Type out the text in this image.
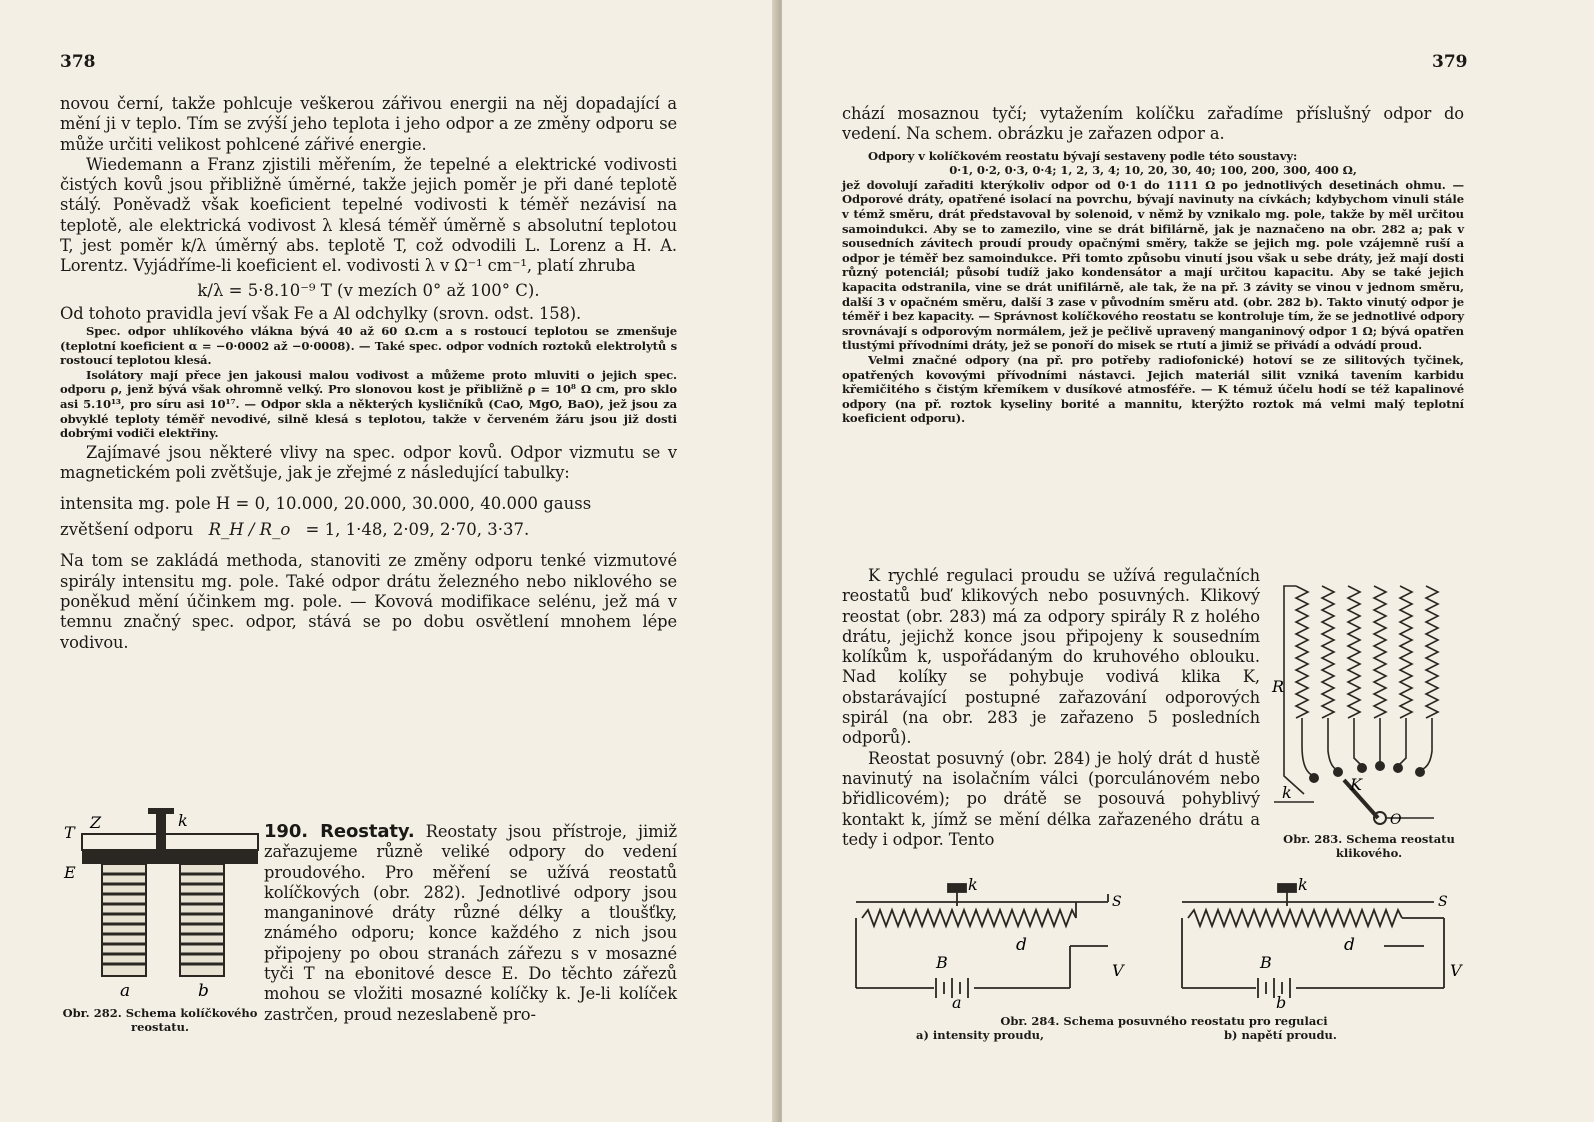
378

novou černí, takže pohlcuje veškerou zářivou energii na něj dopadající a mění ji v teplo. Tím se zvýší jeho teplota i jeho odpor a ze změny odporu se může určiti velikost pohlcené zářivé energie.

Wiedemann a Franz zjistili měřením, že tepelné a elektrické vodivosti čistých kovů jsou přibližně úměrné, takže jejich poměr je při dané teplotě stálý. Poněvadž však koeficient tepelné vodivosti k téměř nezávisí na teplotě, ale elektrická vodivost λ klesá téměř úměrně s absolutní teplotou T, jest poměr k/λ úměrný abs. teplotě T, což odvodili L. Lorenz a H. A. Lorentz. Vyjádříme-li koeficient el. vodivosti λ v Ω⁻¹ cm⁻¹, platí zhruba

k/λ = 5·8.10⁻⁹ T (v mezích 0° až 100° C).

Od tohoto pravidla jeví však Fe a Al odchylky (srovn. odst. 158).

Spec. odpor uhlíkového vlákna bývá 40 až 60 Ω.cm a s rostoucí teplotou se zmenšuje (teplotní koeficient α = −0·0002 až −0·0008). — Také spec. odpor vodních roztoků elektrolytů s rostoucí teplotou klesá.

Isolátory mají přece jen jakousi malou vodivost a můžeme proto mluviti o jejich spec. odporu ρ, jenž bývá však ohromně velký. Pro slonovou kost je přibližně ρ = 10⁸ Ω cm, pro sklo asi 5.10¹³, pro síru asi 10¹⁷. — Odpor skla a některých kysličníků (CaO, MgO, BaO), jež jsou za obvyklé teploty téměř nevodivé, silně klesá s teplotou, takže v červeném žáru jsou již dosti dobrými vodiči elektřiny.

Zajímavé jsou některé vlivy na spec. odpor kovů. Odpor vizmutu se v magnetickém poli zvětšuje, jak je zřejmé z následující tabulky:

intensita mg. pole H = 0, 10.000, 20.000, 30.000, 40.000 gauss
zvětšení odporu R_H / R_o = 1, 1·48, 2·09, 2·70, 3·37.

Na tom se zakládá methoda, stanoviti ze změny odporu tenké vizmutové spirály intensitu mg. pole. Také odpor drátu železného nebo niklového se poněkud mění účinkem mg. pole. — Kovová modifikace selénu, jež má v temnu značný spec. odpor, stává se po dobu osvětlení mnohem lépe vodivou.

T
Z	k
E
a	b
Obr. 282. Schema kolíčkového reostatu.

190. Reostaty. Reostaty jsou přístroje, jimiž zařazujeme různě veliké odpory do vedení proudového. Pro měření se užívá reostatů kolíčkových (obr. 282). Jednotlivé odpory jsou manganinové dráty různé délky a tloušťky, známého odporu; konce každého z nich jsou připojeny po obou stranách zářezu s v mosazné tyči T na ebonitové desce E. Do těchto zářezů mohou se vložiti mosazné kolíčky k. Je-li kolíček zastrčen, proud nezeslabeně pro-

379

chází mosaznou tyčí; vytažením kolíčku zařadíme příslušný odpor do vedení. Na schem. obrázku je zařazen odpor a.

Odpory v kolíčkovém reostatu bývají sestaveny podle této soustavy:

0·1, 0·2, 0·3, 0·4; 1, 2, 3, 4; 10, 20, 30, 40; 100, 200, 300, 400 Ω,

jež dovolují zařaditi kterýkoliv odpor od 0·1 do 1111 Ω po jednotlivých desetinách ohmu. — Odporové dráty, opatřené isolací na povrchu, bývají navinuty na cívkách; kdybychom vinuli stále v témž směru, drát představoval by solenoid, v němž by vznikalo mg. pole, takže by měl určitou samoindukci. Aby se to zamezilo, vine se drát bifilárně, jak je naznačeno na obr. 282 a; pak v sousedních závitech proudí proudy opačnými směry, takže se jejich mg. pole vzájemně ruší a odpor je téměř bez samoindukce. Při tomto způsobu vinutí jsou však u sebe dráty, jež mají dosti různý potenciál; působí tudíž jako kondensátor a mají určitou kapacitu. Aby se také jejich kapacita odstranila, vine se drát unifilárně, ale tak, že na př. 3 závity se vinou v jednom směru, další 3 v opačném směru, další 3 zase v původním směru atd. (obr. 282 b). Takto vinutý odpor je téměř i bez kapacity. — Správnost kolíčkového reostatu se kontroluje tím, že se jednotlivé odpory srovnávají s odporovým normálem, jež je pečlivě upravený manganinový odpor 1 Ω; bývá opatřen tlustými přívodními dráty, jež se ponoří do misek se rtutí a jimiž se přivádí a odvádí proud.

Velmi značné odpory (na př. pro potřeby radiofonické) hotoví se ze silitových tyčinek, opatřených kovovými přívodními nástavci. Jejich materiál silit vzniká tavením karbidu křemičitého s čistým křemíkem v dusíkové atmosféře. — K témuž účelu hodí se též kapalinové odpory (na př. roztok kyseliny borité a mannitu, kterýžto roztok má velmi malý teplotní koeficient odporu).

K rychlé regulaci proudu se užívá regulačních reostatů buď klikových nebo posuvných. Klikový reostat (obr. 283) má za odpory spirály R z holého drátu, jejichž konce jsou připojeny k sousedním kolíkům k, uspořádaným do kruhového oblouku. Nad kolíky se pohybuje vodivá klika K, obstarávající postupné zařazování odporových spirál (na obr. 283 je zařazeno 5 posledních odporů).

Reostat posuvný (obr. 284) je holý drát d hustě navinutý na isolačním válci (porculánovém nebo břidlicovém); po drátě se posouvá pohyblivý kontakt k, jímž se mění délka zařazeného drátu a tedy i odpor. Tento

R
k	K
O
Obr. 283. Schema reostatu klikového.
k
S
d
B	V
a
k
S
d
B	V
b
Obr. 284. Schema posuvného reostatu pro regulaci
a) intensity proudu,	b) napětí proudu.
